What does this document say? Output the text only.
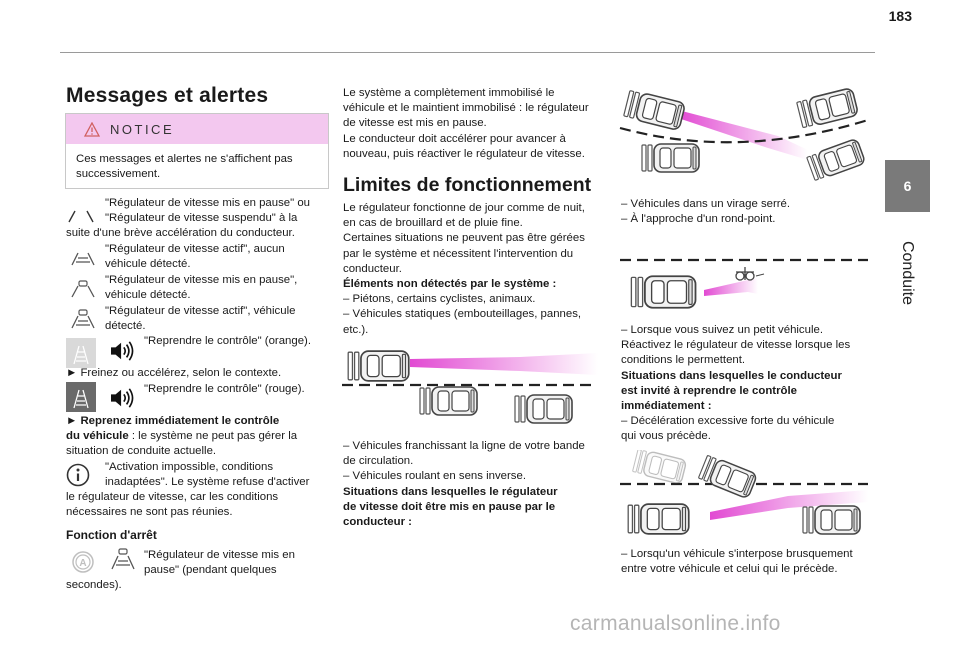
183
6
Conduite
Messages et alertes
NOTICE
Ces messages et alertes ne s'affichent pas successivement.
"Régulateur de vitesse mis en pause" ou
"Régulateur de vitesse suspendu" à la
suite d'une brève accélération du conducteur.
"Régulateur de vitesse actif", aucun
véhicule détecté.
"Régulateur de vitesse mis en pause",
véhicule détecté.
"Régulateur de vitesse actif", véhicule
détecté.
"Reprendre le contrôle" (orange).
► Freinez ou accélérez, selon le contexte.
"Reprendre le contrôle" (rouge).
► Reprenez immédiatement le contrôle
du véhicule : le système ne peut pas gérer la
situation de conduite actuelle.
"Activation impossible, conditions
inadaptées". Le système refuse d'activer
le régulateur de vitesse, car les conditions
nécessaires ne sont pas réunies.
Fonction d'arrêt
A
"Régulateur de vitesse mis en
pause" (pendant quelques
secondes).

Le système a complètement immobilisé le

véhicule et le maintient immobilisé : le régulateur

de vitesse est mis en pause.

Le conducteur doit accélérer pour avancer à

nouveau, puis réactiver le régulateur de vitesse.

Limites de fonctionnement

Le régulateur fonctionne de jour comme de nuit,

en cas de brouillard et de pluie fine.

Certaines situations ne peuvent pas être gérées

par le système et nécessitent l'intervention du

conducteur.

Éléments non détectés par le système :

– Piétons, certains cyclistes, animaux.

– Véhicules statiques (embouteillages, pannes,

etc.).

– Véhicules franchissant la ligne de votre bande

de circulation.

– Véhicules roulant en sens inverse.

Situations dans lesquelles le régulateur

de vitesse doit être mis en pause par le

conducteur :

– Véhicules dans un virage serré.

– À l'approche d'un rond-point.

– Lorsque vous suivez un petit véhicule.

Réactivez le régulateur de vitesse lorsque les

conditions le permettent.

Situations dans lesquelles le conducteur

est invité à reprendre le contrôle

immédiatement :

– Décélération excessive forte du véhicule

qui vous précède.

– Lorsqu'un véhicule s'interpose brusquement

entre votre véhicule et celui qui le précède.

carmanualsonline.info
